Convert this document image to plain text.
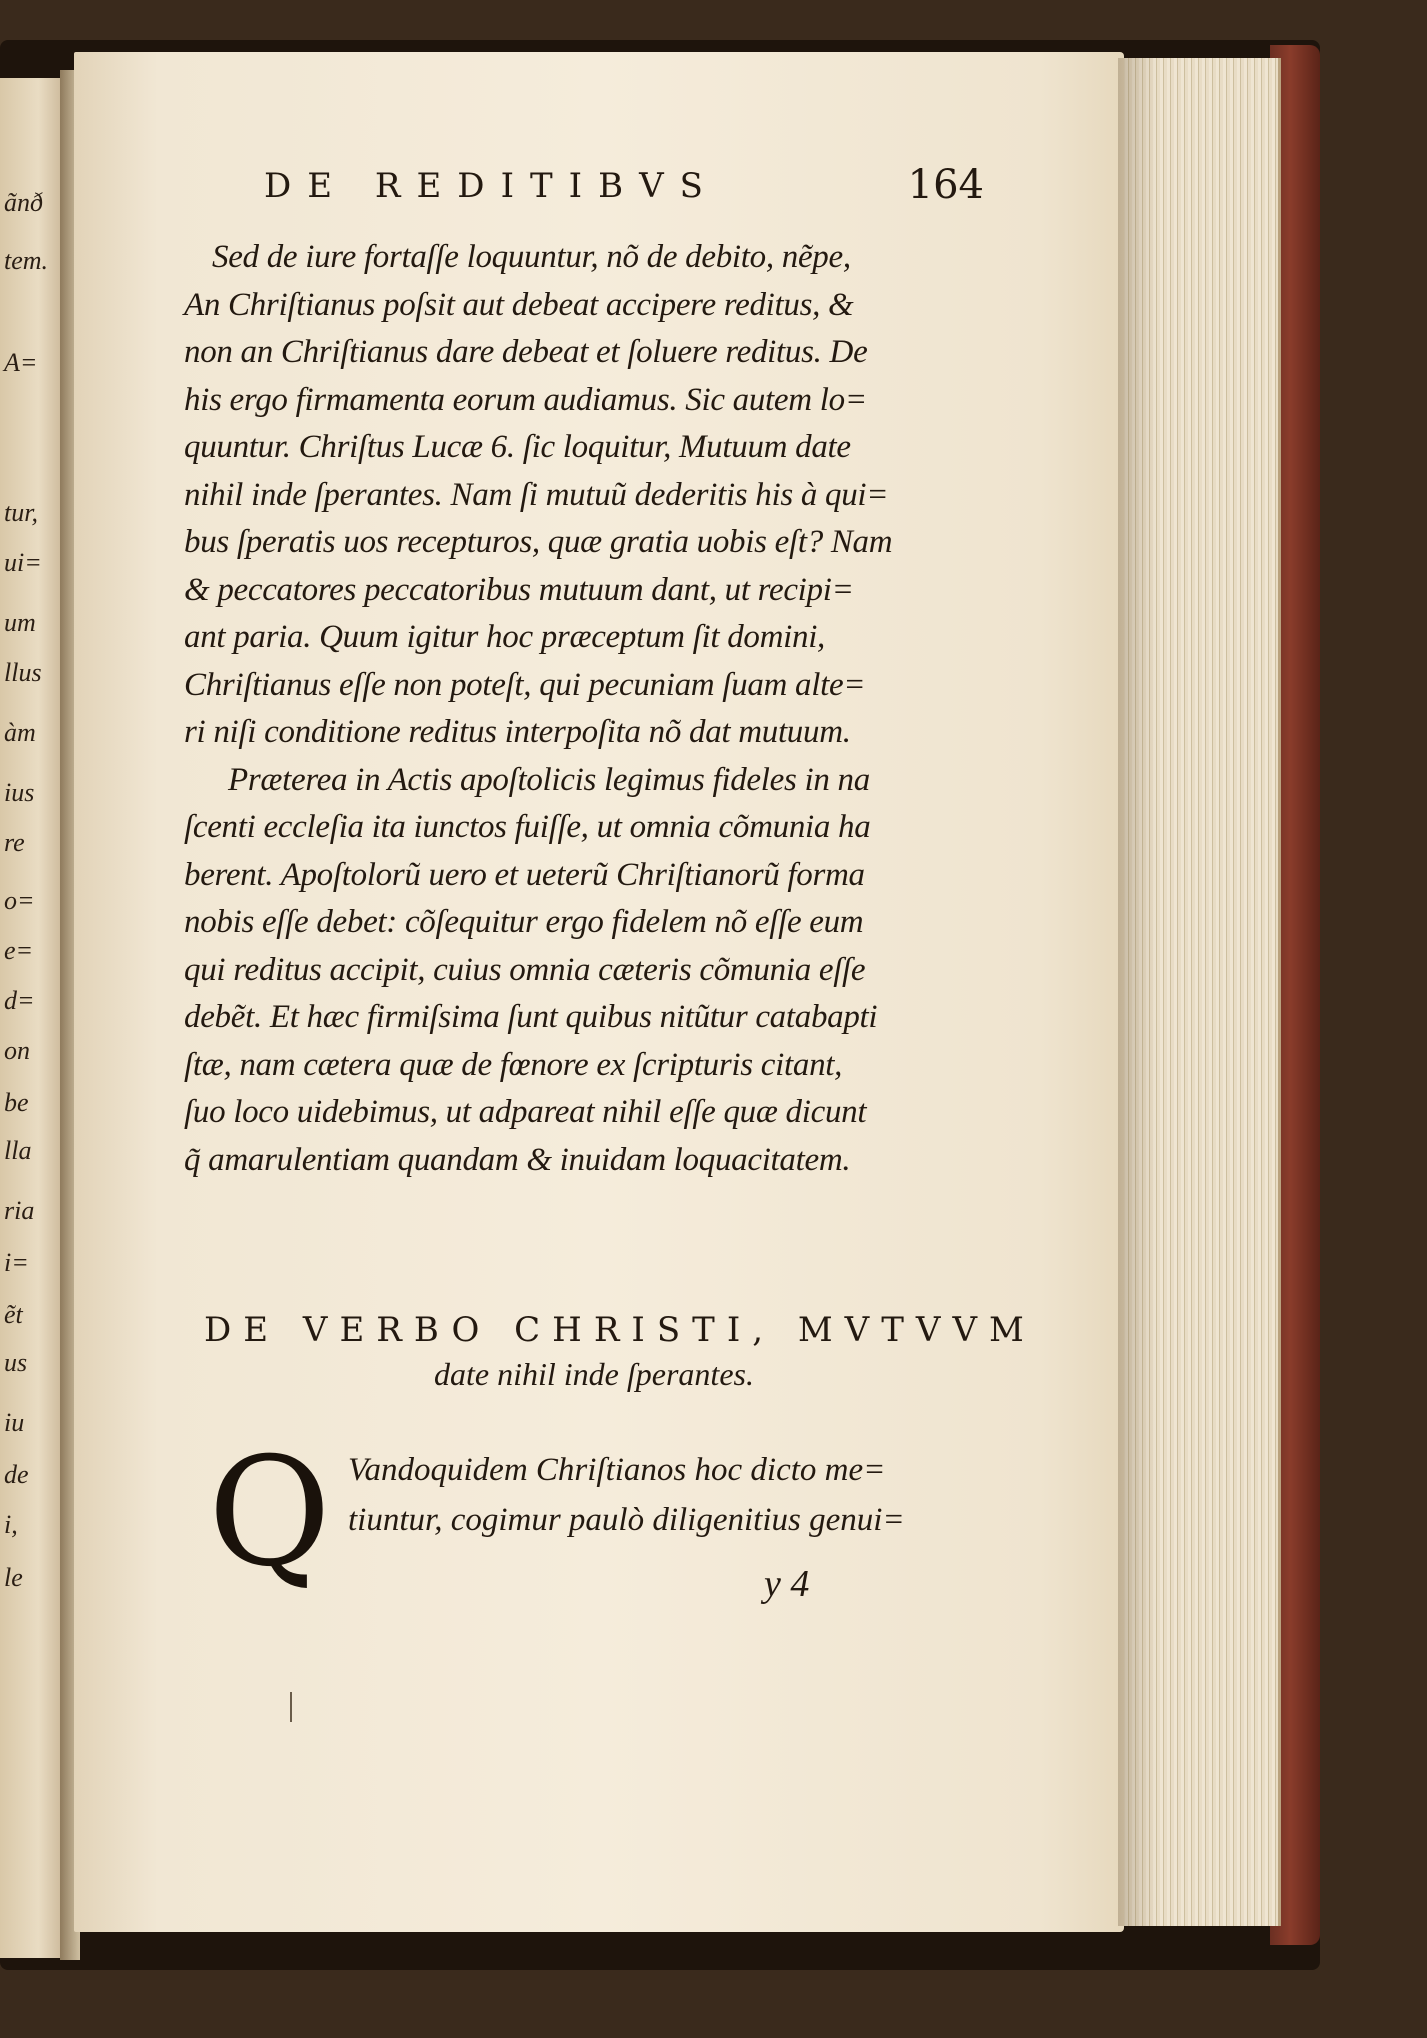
ãnð
tem.
A=
tur,
ui=
um
llus
àm
ius
re
o=
e=
d=
on
be
lla
ria
i=
ẽt
us
iu
de
i,
le
DE REDITIBVS	164
Sed de iure fortaſſe loquuntur, nõ de debito, nẽpe,
An Chriſtianus poſsit aut debeat accipere reditus, &
non an Chriſtianus dare debeat et ſoluere reditus. De
his ergo firmamenta eorum audiamus. Sic autem lo=
quuntur. Chriſtus Lucæ 6. ſic loquitur, Mutuum date
nihil inde ſperantes. Nam ſi mutuũ dederitis his à qui=
bus ſperatis uos recepturos, quæ gratia uobis eſt? Nam
& peccatores peccatoribus mutuum dant, ut recipi=
ant paria. Quum igitur hoc præceptum ſit domini,
Chriſtianus eſſe non poteſt, qui pecuniam ſuam alte=
ri niſi conditione reditus interpoſita nõ dat mutuum.
Præterea in Actis apoſtolicis legimus fideles in na
ſcenti eccleſia ita iunctos fuiſſe, ut omnia cõmunia ha
berent. Apoſtolorũ uero et ueterũ Chriſtianorũ forma
nobis eſſe debet: cõſequitur ergo fidelem nõ eſſe eum
qui reditus accipit, cuius omnia cæteris cõmunia eſſe
debẽt. Et hæc firmiſsima ſunt quibus nitũtur catabapti
ſtæ, nam cætera quæ de fœnore ex ſcripturis citant,
ſuo loco uidebimus, ut adpareat nihil eſſe quæ dicunt
q̃ amarulentiam quandam & inuidam loquacitatem.
DE VERBO CHRISTI, MVTVVM
date nihil inde ſperantes.
Q Vandoquidem Chriſtianos hoc dicto me=
tiuntur, cogimur paulò diligenitius genui=
y 4
